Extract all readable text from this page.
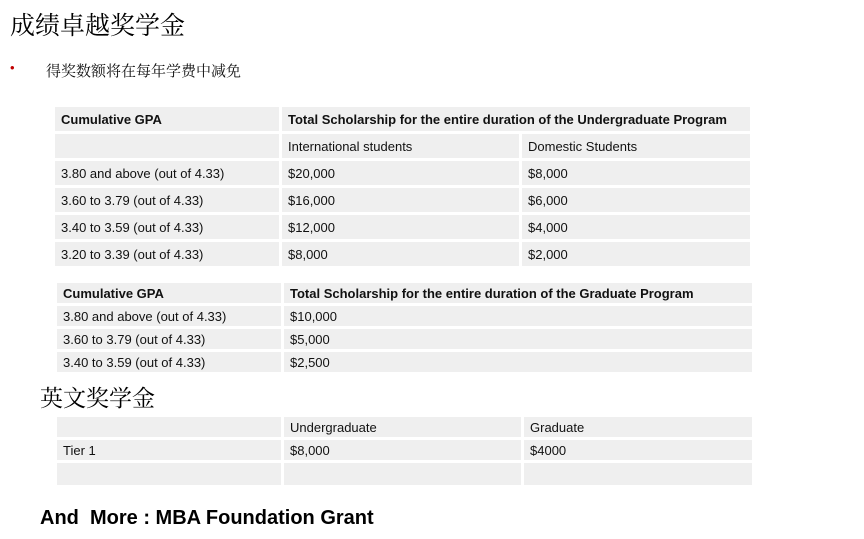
成绩卓越奖学金
• 得奖数额将在每年学费中减免
Cumulative GPA	Total Scholarship for the entire duration of the Undergraduate Program	
	International students	Domestic Students
3.80 and above (out of 4.33)	$20,000	$8,000
3.60 to 3.79 (out of 4.33)	$16,000	$6,000
3.40 to 3.59 (out of 4.33)	$12,000	$4,000
3.20 to 3.39 (out of 4.33)	$8,000	$2,000
Cumulative GPA	Total Scholarship for the entire duration of the Graduate Program
3.80 and above (out of 4.33)	$10,000
3.60 to 3.79 (out of 4.33)	$5,000
3.40 to 3.59 (out of 4.33)	$2,500
英文奖学金
	Undergraduate	Graduate
Tier 1	$8,000	$4000

And  More : MBA Foundation Grant
